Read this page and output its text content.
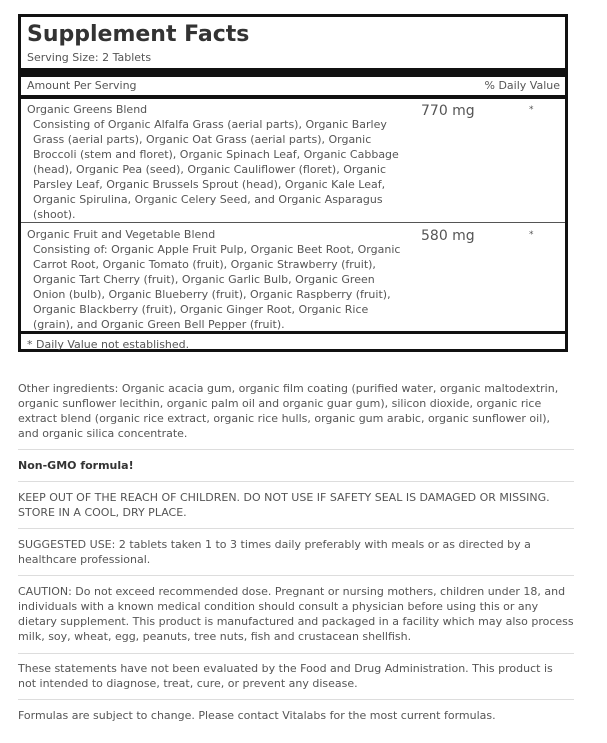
Supplement Facts
Serving Size: 2 Tablets
Amount Per Serving	% Daily Value
Organic Greens Blend
Consisting of Organic Alfalfa Grass (aerial parts), Organic Barley Grass (aerial parts), Organic Oat Grass (aerial parts), Organic Broccoli (stem and floret), Organic Spinach Leaf, Organic Cabbage (head), Organic Pea (seed), Organic Cauliflower (floret), Organic Parsley Leaf, Organic Brussels Sprout (head), Organic Kale Leaf, Organic Spirulina, Organic Celery Seed, and Organic Asparagus (shoot).
770 mg	*
Organic Fruit and Vegetable Blend
Consisting of: Organic Apple Fruit Pulp, Organic Beet Root, Organic Carrot Root, Organic Tomato (fruit), Organic Strawberry (fruit), Organic Tart Cherry (fruit), Organic Garlic Bulb, Organic Green Onion (bulb), Organic Blueberry (fruit), Organic Raspberry (fruit), Organic Blackberry (fruit), Organic Ginger Root, Organic Rice (grain), and Organic Green Bell Pepper (fruit).
580 mg	*
* Daily Value not established.

Other ingredients: Organic acacia gum, organic film coating (purified water, organic maltodextrin, organic sunflower lecithin, organic palm oil and organic guar gum), silicon dioxide, organic rice extract blend (organic rice extract, organic rice hulls, organic gum arabic, organic sunflower oil), and organic silica concentrate.

Non-GMO formula!

KEEP OUT OF THE REACH OF CHILDREN. DO NOT USE IF SAFETY SEAL IS DAMAGED OR MISSING. STORE IN A COOL, DRY PLACE.

SUGGESTED USE: 2 tablets taken 1 to 3 times daily preferably with meals or as directed by a healthcare professional.

CAUTION: Do not exceed recommended dose. Pregnant or nursing mothers, children under 18, and individuals with a known medical condition should consult a physician before using this or any dietary supplement. This product is manufactured and packaged in a facility which may also process milk, soy, wheat, egg, peanuts, tree nuts, fish and crustacean shellfish.

These statements have not been evaluated by the Food and Drug Administration. This product is not intended to diagnose, treat, cure, or prevent any disease.

Formulas are subject to change. Please contact Vitalabs for the most current formulas.
